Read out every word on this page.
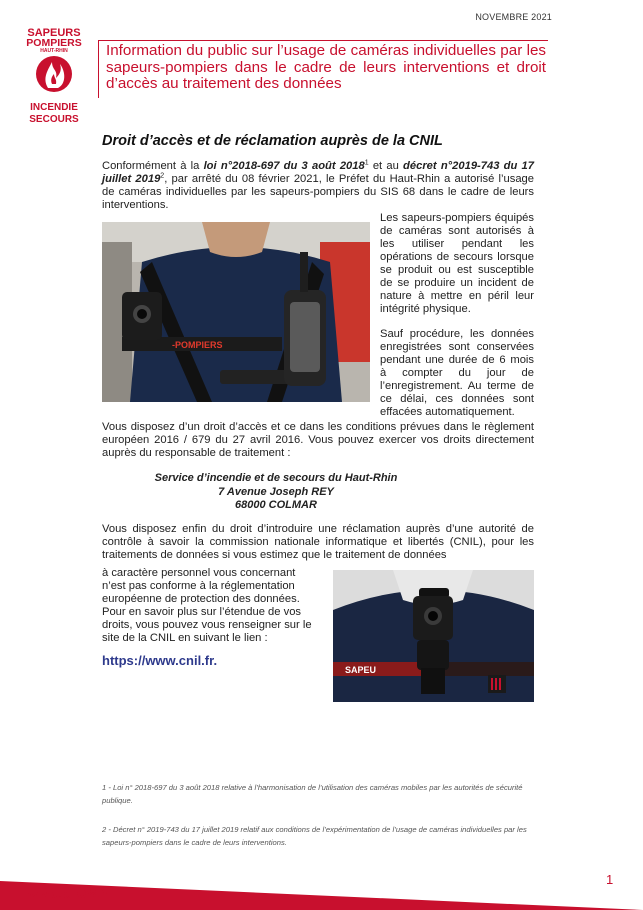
SAPEURS
POMPIERS
HAUT-RHIN
INCENDIE
SECOURS
NOVEMBRE 2021
Information du public sur l’usage de caméras individuelles par les sapeurs-pompiers dans le cadre de leurs interventions et droit d’accès au traitement des données
Droit d’accès et de réclamation auprès de la CNIL
Conformément à la loi n°2018-697 du 3 août 2018$^1$ et au décret n°2019-743 du 17 juillet 2019$^2$, par arrêté du 08 février 2021, le Préfet du Haut-Rhin a autorisé l’usage de caméras individuelles par les sapeurs-pompiers du SIS 68 dans le cadre de leurs interventions.
-POMPIERS
Les sapeurs-pompiers équipés de caméras sont autorisés à les utiliser pendant les opérations de secours lorsque se produit ou est susceptible de se produire un incident de nature à mettre en péril leur intégrité physique.
Sauf procédure, les données enregistrées sont conservées pendant une durée de 6 mois à compter du jour de l’enregistrement. Au terme de ce délai, ces données sont effacées automatiquement.
Vous disposez d’un droit d’accès et ce dans les conditions prévues dans le règlement européen 2016 / 679 du 27 avril 2016. Vous pouvez exercer vos droits directement auprès du responsable de traitement :
Service d’incendie et de secours du Haut-Rhin
7 Avenue Joseph REY
68000 COLMAR
Vous disposez enfin du droit d’introduire une réclamation auprès d’une autorité de contrôle à savoir la commission nationale informatique et libertés (CNIL), pour les traitements de données si vous estimez que le traitement de données
à caractère personnel vous concernant n’est pas conforme à la réglementation européenne de protection des données. Pour en savoir plus sur l’étendue de vos droits, vous pouvez vous renseigner sur le site de la CNIL en suivant le lien :
https://www.cnil.fr.
SAPEU
1 - Loi n° 2018-697 du 3 août 2018 relative à l’harmonisation de l’utilisation des caméras mobiles par les autorités de sécurité publique.
2 - Décret n° 2019-743 du 17 juillet 2019 relatif aux conditions de l’expérimentation de l’usage de caméras individuelles par les sapeurs-pompiers dans le cadre de leurs interventions.
www.sdis68.fr
1
